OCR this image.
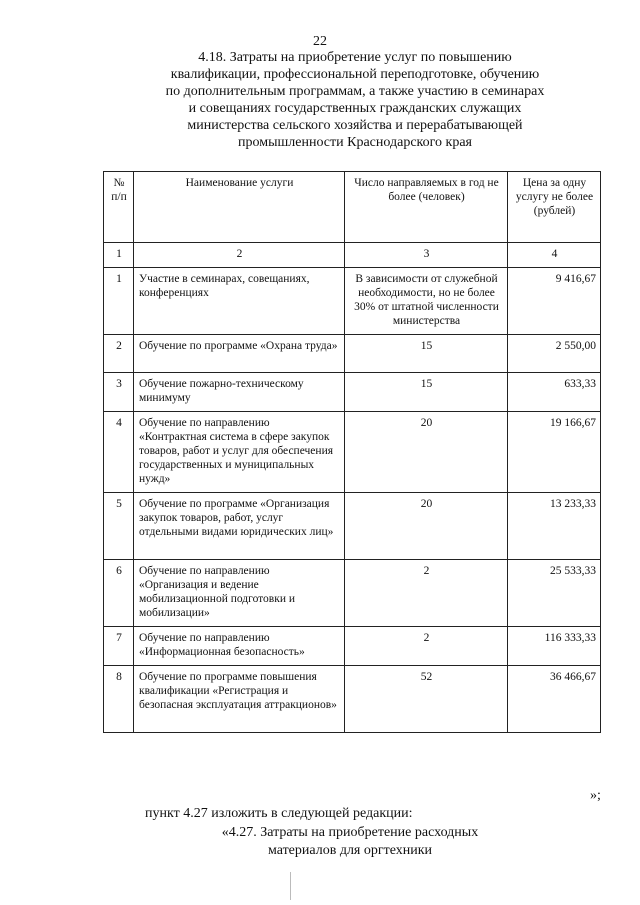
22
4.18. Затраты на приобретение услуг по повышению
квалификации, профессиональной переподготовке, обучению
по дополнительным программам, а также участию в семинарах
и совещаниях государственных гражданских служащих
министерства сельского хозяйства и перерабатывающей
промышленности Краснодарского края
№ п/п	Наименование услуги	Число направляемых в год не более (человек)	Цена за одну услугу не более (рублей)
1	2	3	4
1	Участие в семинарах, совещаниях, конференциях	В зависимости от служебной необходимости, но не более 30% от штатной численности министерства	9 416,67
2	Обучение по программе «Охрана труда»	15	2 550,00
3	Обучение пожарно-техническому минимуму	15	633,33
4	Обучение по направлению «Контрактная система в сфере закупок товаров, работ и услуг для обеспечения государственных и муниципальных нужд»	20	19 166,67
5	Обучение по программе «Организация закупок товаров, работ, услуг отдельными видами юридических лиц»	20	13 233,33
6	Обучение по направлению «Организация и ведение мобилизационной подготовки и мобилизации»	2	25 533,33
7	Обучение по направлению «Информационная безопасность»	2	116 333,33
8	Обучение по программе повышения квалификации «Регистрация и безопасная эксплуатация аттракционов»	52	36 466,67
»;
пункт 4.27 изложить в следующей редакции:
«4.27. Затраты на приобретение расходных
материалов для оргтехники
